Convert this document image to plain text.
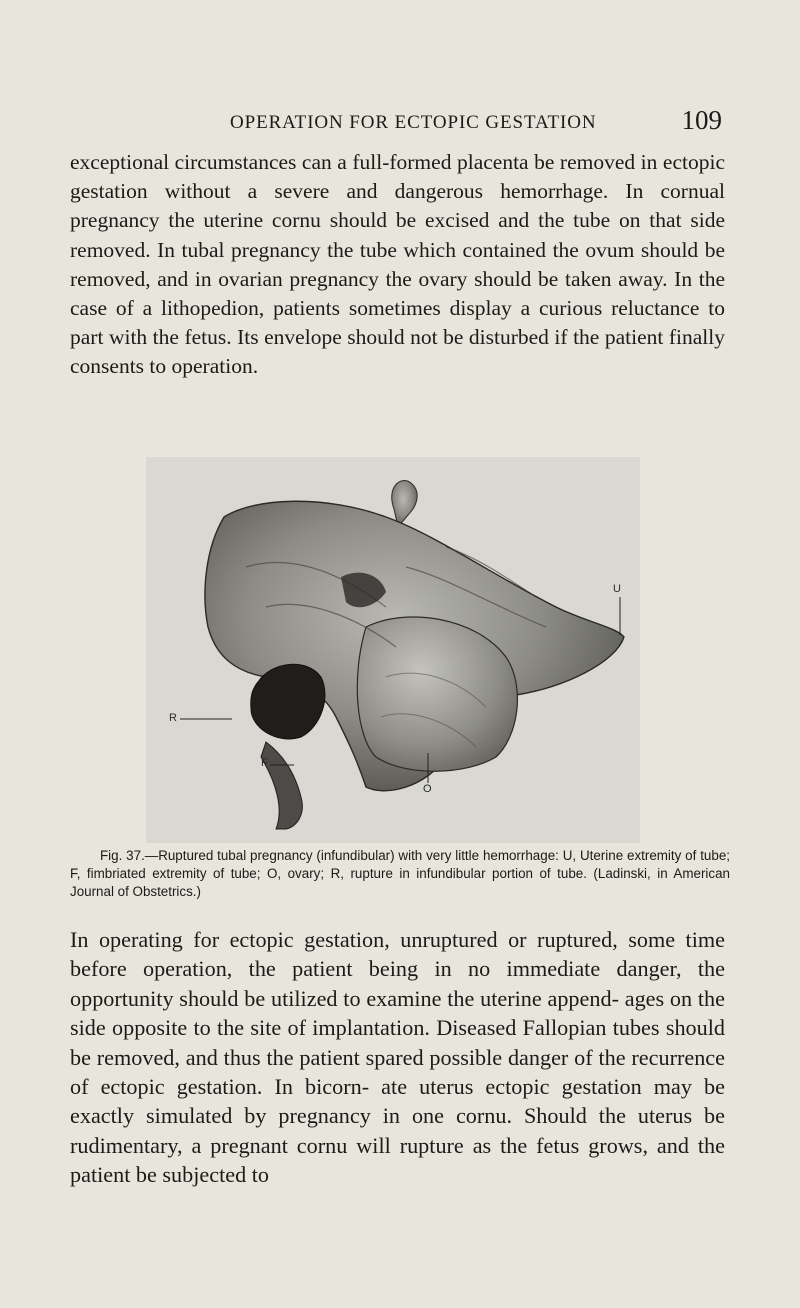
OPERATION FOR ECTOPIC GESTATION	109

exceptional circumstances can a full-formed placenta be removed in ectopic gestation without a severe and dangerous hemorrhage. In cornual pregnancy the uterine cornu should be excised and the tube on that side removed. In tubal pregnancy the tube which contained the ovum should be removed, and in ovarian pregnancy the ovary should be taken away. In the case of a lithopedion, patients sometimes display a curious reluctance to part with the fetus. Its envelope should not be disturbed if the patient finally consents to operation.

U
R
F
O

Fig. 37.—Ruptured tubal pregnancy (infundibular) with very little hemorrhage: U, Uterine extremity of tube; F, fimbriated extremity of tube; O, ovary; R, rupture in infundibular portion of tube. (Ladinski, in American Journal of Obstetrics.)

In operating for ectopic gestation, unruptured or ruptured, some time before operation, the patient being in no immediate danger, the opportunity should be utilized to examine the uterine append- ages on the side opposite to the site of implantation. Diseased Fallopian tubes should be removed, and thus the patient spared possible danger of the recurrence of ectopic gestation. In bicorn- ate uterus ectopic gestation may be exactly simulated by pregnancy in one cornu. Should the uterus be rudimentary, a pregnant cornu will rupture as the fetus grows, and the patient be subjected to
